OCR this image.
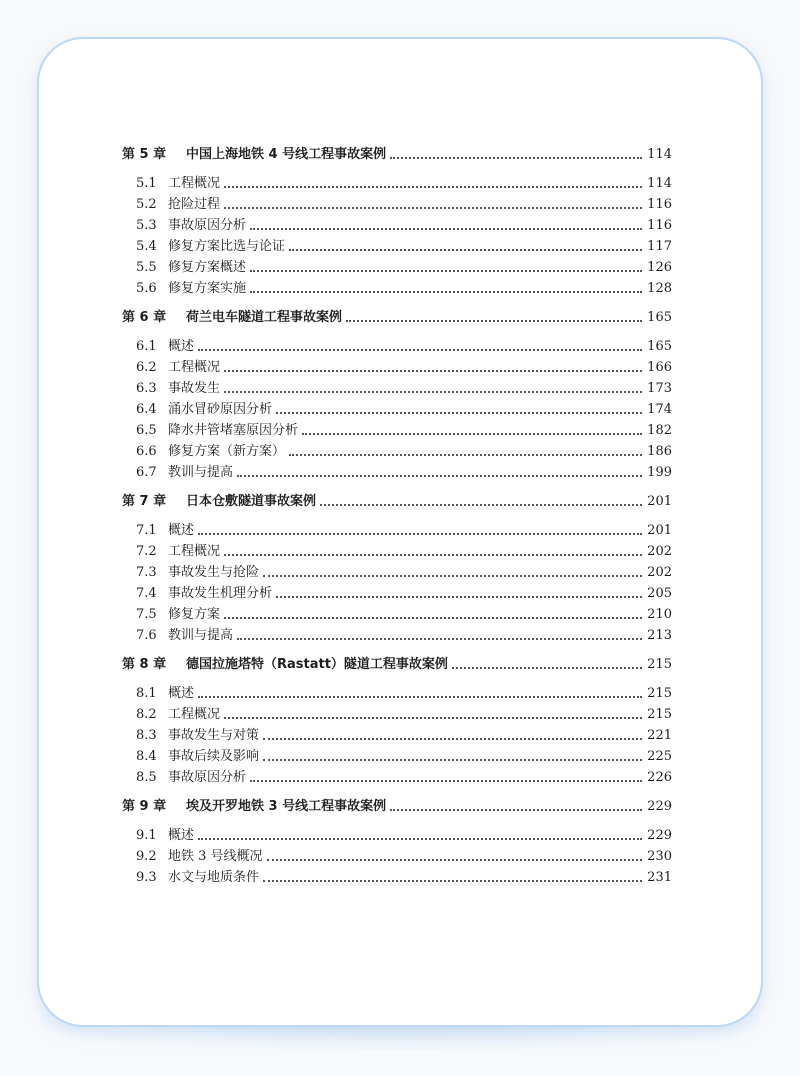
第 5 章	中国上海地铁 4 号线工程事故案例	114
5.1 工程概况	114
5.2 抢险过程	116
5.3 事故原因分析	116
5.4 修复方案比选与论证	117
5.5 修复方案概述	126
5.6 修复方案实施	128
第 6 章	荷兰电车隧道工程事故案例	165
6.1 概述	165
6.2 工程概况	166
6.3 事故发生	173
6.4 涌水冒砂原因分析	174
6.5 降水井管堵塞原因分析	182
6.6 修复方案（新方案）	186
6.7 教训与提高	199
第 7 章	日本仓敷隧道事故案例	201
7.1 概述	201
7.2 工程概况	202
7.3 事故发生与抢险	202
7.4 事故发生机理分析	205
7.5 修复方案	210
7.6 教训与提高	213
第 8 章	德国拉施塔特（Rastatt）隧道工程事故案例	215
8.1 概述	215
8.2 工程概况	215
8.3 事故发生与对策	221
8.4 事故后续及影响	225
8.5 事故原因分析	226
第 9 章	埃及开罗地铁 3 号线工程事故案例	229
9.1 概述	229
9.2 地铁 3 号线概况	230
9.3 水文与地质条件	231
